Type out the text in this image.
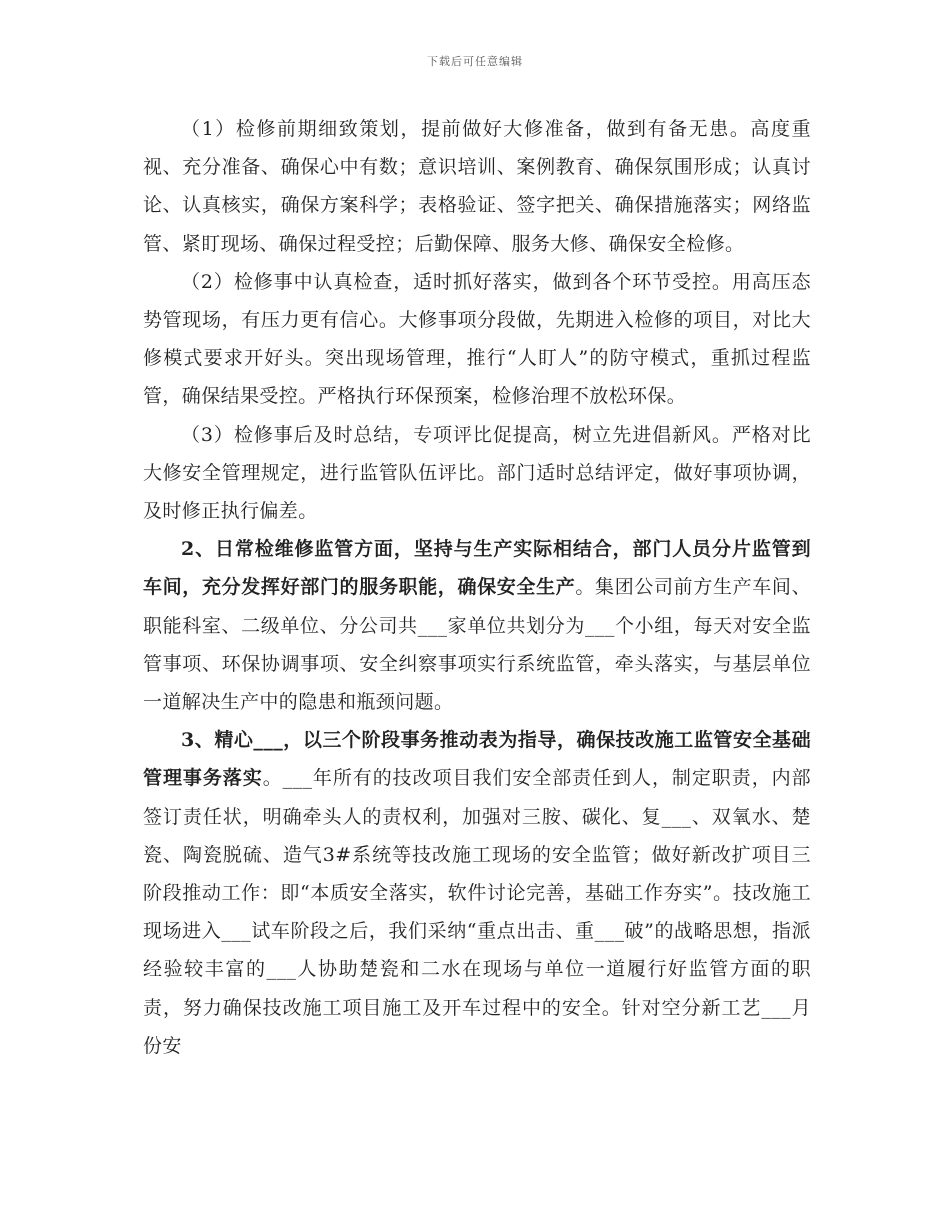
下载后可任意编辑

（1）检修前期细致策划，提前做好大修准备，做到有备无患。高度重视、充分准备、确保心中有数；意识培训、案例教育、确保氛围形成；认真讨论、认真核实，确保方案科学；表格验证、签字把关、确保措施落实；网络监管、紧盯现场、确保过程受控；后勤保障、服务大修、确保安全检修。

（2）检修事中认真检查，适时抓好落实，做到各个环节受控。用高压态势管现场，有压力更有信心。大修事项分段做，先期进入检修的项目，对比大修模式要求开好头。突出现场管理，推行“人盯人”的防守模式，重抓过程监管，确保结果受控。严格执行环保预案，检修治理不放松环保。

（3）检修事后及时总结，专项评比促提高，树立先进倡新风。严格对比大修安全管理规定，进行监管队伍评比。部门适时总结评定，做好事项协调，及时修正执行偏差。

2、日常检维修监管方面，坚持与生产实际相结合，部门人员分片监管到车间，充分发挥好部门的服务职能，确保安全生产。集团公司前方生产车间、职能科室、二级单位、分公司共___家单位共划分为___个小组，每天对安全监管事项、环保协调事项、安全纠察事项实行系统监管，牵头落实，与基层单位一道解决生产中的隐患和瓶颈问题。

3、精心___，以三个阶段事务推动表为指导，确保技改施工监管安全基础管理事务落实。___年所有的技改项目我们安全部责任到人，制定职责，内部签订责任状，明确牵头人的责权利，加强对三胺、碳化、复___、双氧水、楚瓷、陶瓷脱硫、造气3#系统等技改施工现场的安全监管；做好新改扩项目三阶段推动工作：即“本质安全落实，软件讨论完善，基础工作夯实”。技改施工现场进入___试车阶段之后，我们采纳“重点出击、重___破”的战略思想，指派经验较丰富的___人协助楚瓷和二水在现场与单位一道履行好监管方面的职责，努力确保技改施工项目施工及开车过程中的安全。针对空分新工艺___月份安
